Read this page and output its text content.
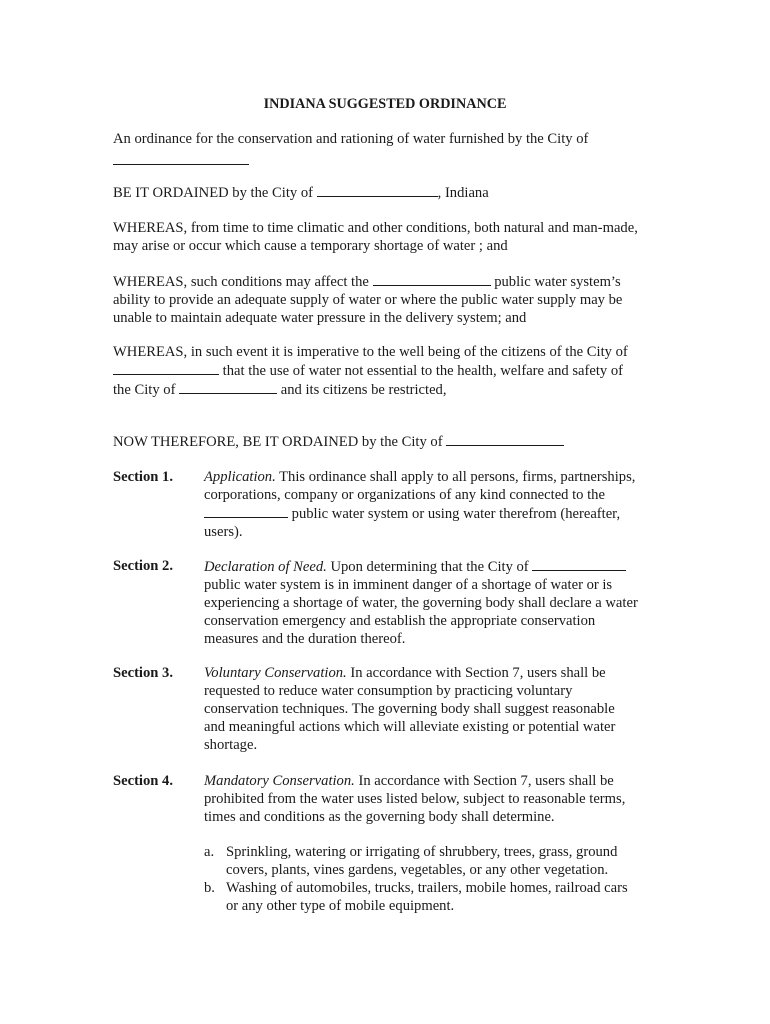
INDIANA SUGGESTED ORDINANCE
An ordinance for the conservation and rationing of water furnished by the City of
BE IT ORDAINED by the City of	, Indiana
WHEREAS, from time to time climatic and other conditions, both natural and man-made,
may arise or occur which cause a temporary shortage of water ; and
WHEREAS, such conditions may affect the	public water system’s
ability to provide an adequate supply of water or where the public water supply may be
unable to maintain adequate water pressure in the delivery system; and
WHEREAS, in such event it is imperative to the well being of the citizens of the City of
that the use of water not essential to the health, welfare and safety of
the City of	and its citizens be restricted,
NOW THEREFORE, BE IT ORDAINED by the City of
Section 1.	Application. This ordinance shall apply to all persons, firms, partnerships,
corporations, company or organizations of any kind connected to the
public water system or using water therefrom (hereafter,
users).
Section 2.	Declaration of Need. Upon determining that the City of
public water system is in imminent danger of a shortage of water or is
experiencing a shortage of water, the governing body shall declare a water
conservation emergency and establish the appropriate conservation
measures and the duration thereof.
Section 3.	Voluntary Conservation. In accordance with Section 7, users shall be
requested to reduce water consumption by practicing voluntary
conservation techniques. The governing body shall suggest reasonable
and meaningful actions which will alleviate existing or potential water
shortage.
Section 4.	Mandatory Conservation. In accordance with Section 7, users shall be
prohibited from the water uses listed below, subject to reasonable terms,
times and conditions as the governing body shall determine.
a. Sprinkling, watering or irrigating of shrubbery, trees, grass, ground
covers, plants, vines gardens, vegetables, or any other vegetation.
b. Washing of automobiles, trucks, trailers, mobile homes, railroad cars
or any other type of mobile equipment.
